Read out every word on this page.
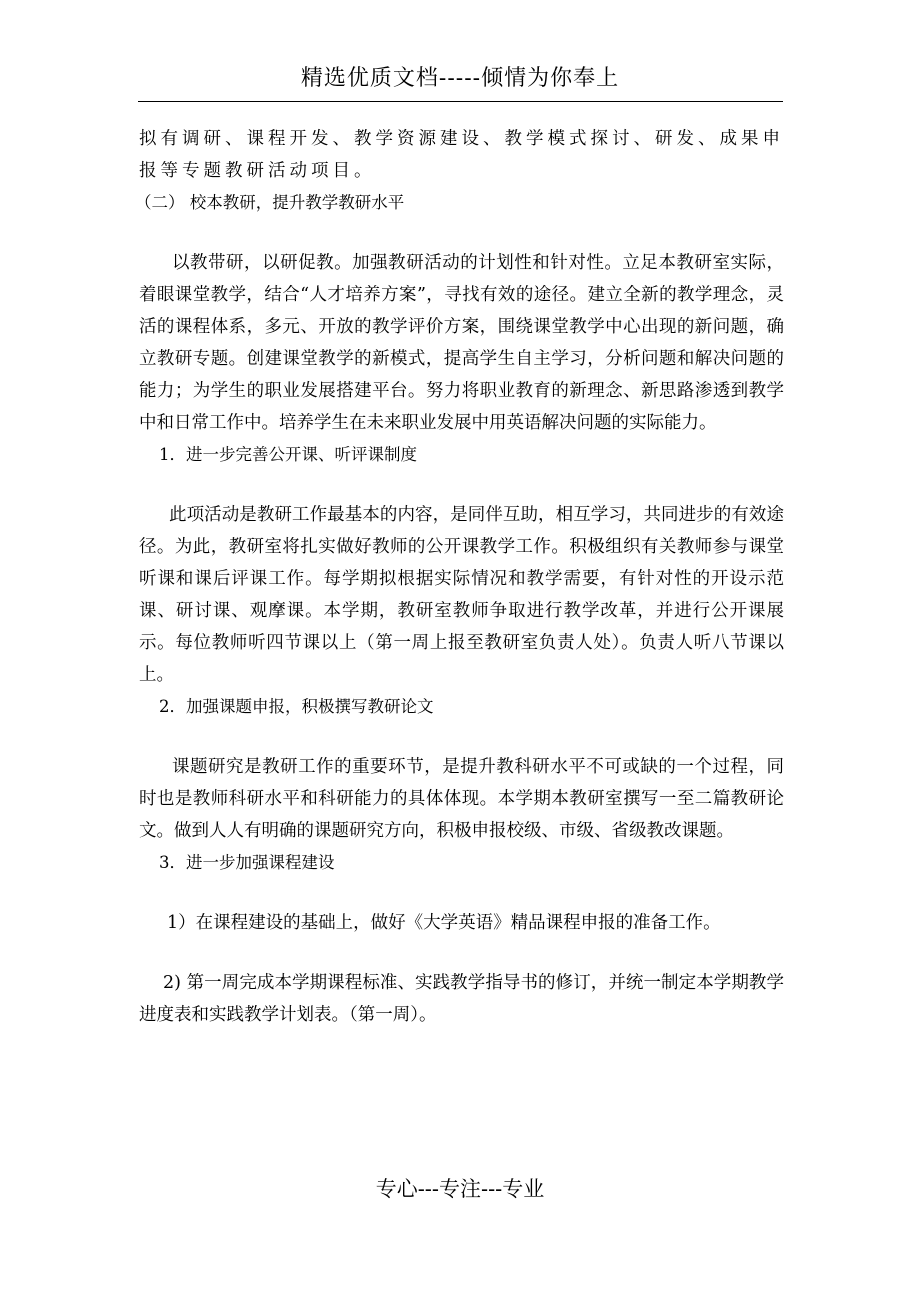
精选优质文档-----倾情为你奉上

拟有调研、课程开发、教学资源建设、教学模式探讨、研发、成果申报等专题教研活动项目。

（二） 校本教研，提升教学教研水平

以教带研，以研促教。加强教研活动的计划性和针对性。立足本教研室实际，着眼课堂教学，结合“人才培养方案”，寻找有效的途径。建立全新的教学理念，灵活的课程体系，多元、开放的教学评价方案，围绕课堂教学中心出现的新问题，确立教研专题。创建课堂教学的新模式，提高学生自主学习，分析问题和解决问题的能力；为学生的职业发展搭建平台。努力将职业教育的新理念、新思路渗透到教学中和日常工作中。培养学生在未来职业发展中用英语解决问题的实际能力。

1．进一步完善公开课、听评课制度

此项活动是教研工作最基本的内容，是同伴互助，相互学习，共同进步的有效途径。为此，教研室将扎实做好教师的公开课教学工作。积极组织有关教师参与课堂听课和课后评课工作。每学期拟根据实际情况和教学需要，有针对性的开设示范课、研讨课、观摩课。本学期，教研室教师争取进行教学改革，并进行公开课展示。每位教师听四节课以上（第一周上报至教研室负责人处）。负责人听八节课以上。

2．加强课题申报，积极撰写教研论文

课题研究是教研工作的重要环节，是提升教科研水平不可或缺的一个过程，同时也是教师科研水平和科研能力的具体体现。本学期本教研室撰写一至二篇教研论文。做到人人有明确的课题研究方向，积极申报校级、市级、省级教改课题。

3．进一步加强课程建设

1）在课程建设的基础上，做好《大学英语》精品课程申报的准备工作。

2) 第一周完成本学期课程标准、实践教学指导书的修订，并统一制定本学期教学进度表和实践教学计划表。（第一周）。

专心---专注---专业
